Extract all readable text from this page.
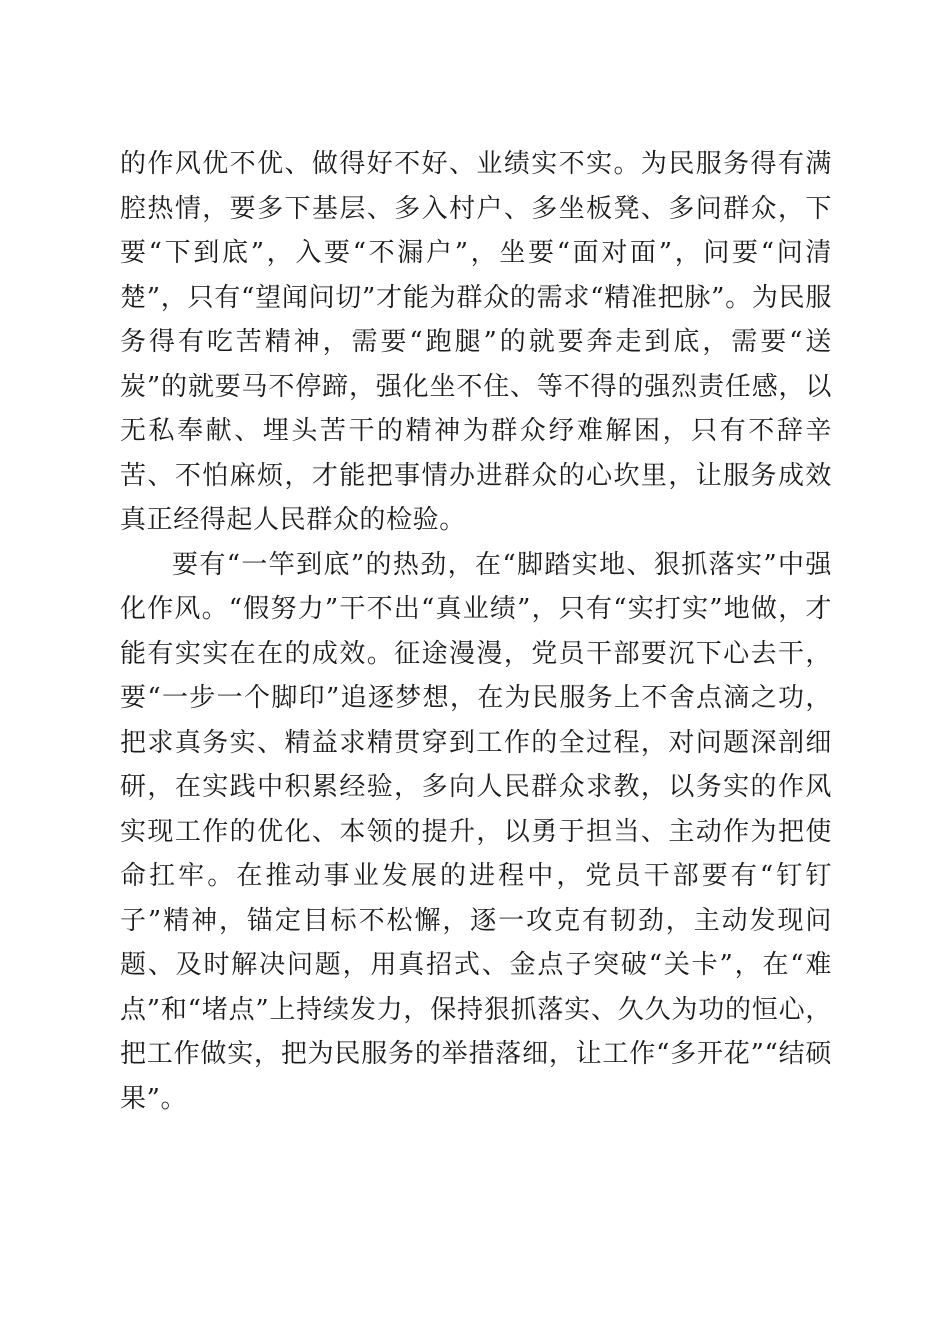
的作风优不优、做得好不好、业绩实不实。为民服务得有满腔热情，要多下基层、多入村户、多坐板凳、多问群众，下要“下到底”，入要“不漏户”，坐要“面对面”，问要“问清楚”，只有“望闻问切”才能为群众的需求“精准把脉”。为民服务得有吃苦精神，需要“跑腿”的就要奔走到底，需要“送炭”的就要马不停蹄，强化坐不住、等不得的强烈责任感，以无私奉献、埋头苦干的精神为群众纾难解困，只有不辞辛苦、不怕麻烦，才能把事情办进群众的心坎里，让服务成效真正经得起人民群众的检验。

要有“一竿到底”的热劲，在“脚踏实地、狠抓落实”中强化作风。“假努力”干不出“真业绩”，只有“实打实”地做，才能有实实在在的成效。征途漫漫，党员干部要沉下心去干，要“一步一个脚印”追逐梦想，在为民服务上不舍点滴之功，把求真务实、精益求精贯穿到工作的全过程，对问题深剖细研，在实践中积累经验，多向人民群众求教，以务实的作风实现工作的优化、本领的提升，以勇于担当、主动作为把使命扛牢。在推动事业发展的进程中，党员干部要有“钉钉子”精神，锚定目标不松懈，逐一攻克有韧劲，主动发现问题、及时解决问题，用真招式、金点子突破“关卡”，在“难点”和“堵点”上持续发力，保持狠抓落实、久久为功的恒心，把工作做实，把为民服务的举措落细，让工作“多开花”“结硕果”。
